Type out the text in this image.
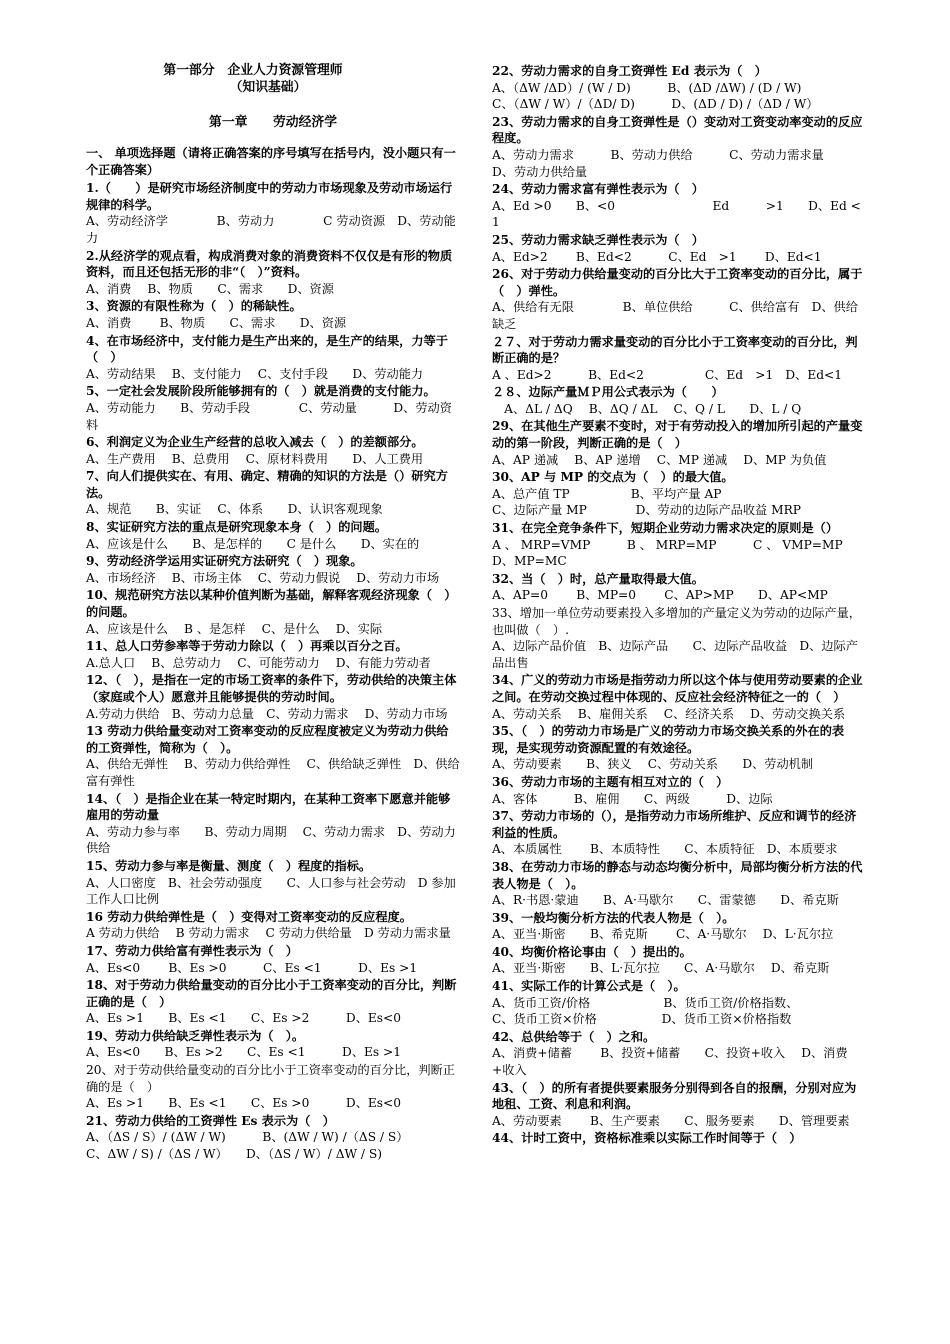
第一部分　企业人力资源管理师
（知识基础）
第一章　　劳动经济学
一、 单项选择题（请将正确答案的序号填写在括号内，没小题只有一个正确答案）
1.（　　）是研究市场经济制度中的劳动力市场现象及劳动市场运行规律的科学。
A、劳动经济学　　　　B、劳动力　　　　C 劳动资源　D、劳动能力
2.从经济学的观点看，构成消费对象的消费资料不仅仅是有形的物质资料，而且还包括无形的非“（　）”资料。
A、消费　 B、物质　　C、需求　　D、资源
3、资源的有限性称为（　）的稀缺性。
A、消费　　 B、物质　　C、需求　　D、资源
4、在市场经济中，支付能力是生产出来的，是生产的结果，力等于（　）
A、劳动结果　 B、支付能力　 C、支付手段　　D、劳动能力
5、一定社会发展阶段所能够拥有的（　）就是消费的支付能力。
A、劳动能力　　B、劳动手段　　　　C、劳动量　　　D、劳动资料
6、利润定义为企业生产经营的总收入减去（　）的差额部分。
A、生产费用　 B、总费用　 C、原材料费用　　D、人工费用
7、向人们提供实在、有用、确定、精确的知识的方法是（）研究方法。
A、规范　　B、实证　 C、体系　　D、认识客观现象
8、实证研究方法的重点是研究现象本身（　）的问题。
A、应该是什么　　B、是怎样的　　C 是什么　　D、实在的
9、劳动经济学运用实证研究方法研究（　）现象。
A、市场经济　 B、市场主体　 C、劳动力假说　 D、劳动力市场
10、规范研究方法以某种价值判断为基础，解释客观经济现象（　）的问题。
A、应该是什么　 B 、是怎样　 C、是什么　 D、实际
11、总人口劳参率等于劳动力除以（　）再乘以百分之百。
A.总人口　 B、总劳动力　 C、可能劳动力　 D、有能力劳动者
12、（　），是指在一定的市场工资率的条件下，劳动供给的决策主体（家庭或个人）愿意并且能够提供的劳动时间。
A.劳动力供给　B、劳动力总量　C、劳动力需求　 D、劳动力市场
13 劳动力供给量变动对工资率变动的反应程度被定义为劳动力供给的工资弹性，简称为（　）。
A、供给无弹性　 B、劳动力供给弹性　 C、供给缺乏弹性　D、供给富有弹性
14、（　）是指企业在某一特定时期内，在某种工资率下愿意并能够雇用的劳动量
A、劳动力参与率　　B、劳动力周期　 C、劳动力需求　D、劳动力供给
15、劳动力参与率是衡量、测度（　）程度的指标。
A、人口密度　B、社会劳动强度　　C、人口参与社会劳动　D 参加工作人口比例
16 劳动力供给弹性是（　）变得对工资率变动的反应程度。
A 劳动力供给　 B 劳动力需求　 C 劳动力供给量　D 劳动力需求量
17、劳动力供给富有弹性表示为（　）
A、Es<0　　 B、Es >0　　　C、Es <1　　　D、Es >1
18、对于劳动力供给量变动的百分比小于工资率变动的百分比，判断正确的是（　）
A、Es >1　　B、Es <1　　C、Es >2　　　D、Es<0
19、劳动力供给缺乏弹性表示为（　）。
A、Es<0　　B、Es >2　　C、Es <1　　　D、Es >1
20、对于劳动供给量变动的百分比小于工资率变动的百分比，判断正确的是（　）
A、Es >1　　B、Es <1　　C、Es >0　　　D、Es<0
21、劳动力供给的工资弹性 Es 表示为（　）
A、（ΔS / S）/ (ΔW / W)　　　B、(ΔW / W) /（ΔS / S）
C、ΔW / S) /（ΔS / W）　　D、（ΔS / W）/ ΔW / S)
22、劳动力需求的自身工资弹性 Ed 表示为（　）
A、（ΔW /ΔD）/ (W / D)　　　B、(ΔD /ΔW) / (D / W)
C、（ΔW / W）/（ΔD/ D)　　　D、(ΔD / D) /（ΔD / W）
23、劳动力需求的自身工资弹性是（）变动对工资变动率变动的反应程度。
A、劳动力需求　　　B、劳动力供给　　　C、劳动力需求量　　D、劳动力供给量
24、劳动力需求富有弹性表示为（　）
A、Ed >0　　B、<0　　　　　　　　Ed　　　>1　　D、Ed <1
25、劳动力需求缺乏弹性表示为（　）
A、Ed>2　　 B、Ed<2　　　C、Ed　>1　　 D、Ed<1
26、对于劳动力供给量变动的百分比大于工资率变动的百分比，属于（　）弹性。
A、供给有无限　　　　B、单位供给　　　C、供给富有　D、供给缺乏
２７、对于劳动力需求量变动的百分比小于工资率变动的百分比，判断正确的是？
A 、Ed>2　　　B、Ed<2　　　　　C、Ed　>1　D、Ed<1
２８、边际产量ＭＰ用公式表示为（　　）
　A、ΔL / ΔQ　 B、ΔQ / ΔL　 C、Q / L　　D、L / Q
29、在其他生产要素不变时，对于有劳动投入的增加所引起的产量变动的第一阶段，判断正确的是（　）
A、AP 递减　 B、AP 递增　 C、MP 递减　 D、MP 为负值
30、AP 与 MP 的交点为（　）的最大值。
A、总产值 TP　　　　　B、平均产量 AP
C、边际产量 MP　　　　D、劳动的边际产品收益 MRP
31、在完全竞争条件下，短期企业劳动力需求决定的原则是（）
A 、 MRP=VMP　　　B 、 MRP=MP　　　C 、 VMP=MP　D、MP=MC
32、当（　）时，总产量取得最大值。
A、AP=0　　 B、MP=0　　 C、AP>MP　　D、AP<MP
33、增加一单位劳动要素投入多增加的产量定义为劳动的边际产量，也叫做（　）.
A、边际产品价值　B、边际产品　　C、边际产品收益　D、边际产品出售
34、广义的劳动力市场是指劳动力所以这个体与使用劳动要素的企业之间。在劳动交换过程中体现的、反应社会经济特征之一的（　）
A、劳动关系　 B、雇佣关系　 C、经济关系　 D、劳动交换关系
35、（　）的劳动力市场是广义的劳动力市场交换关系的外在的表现，是实现劳动资源配置的有效途径。
A、劳动要素　　B、狭义　 C、劳动关系　　D、劳动机制
36、劳动力市场的主题有相互对立的（　）
A、客体　　　B、雇佣　　C、两级　　　D、边际
37、劳动力市场的（），是指劳动力市场所维护、反应和调节的经济利益的性质。
A、本质属性　　 B、本质特性　　C、本质特征　D、本质要求
38、在劳动力市场的静态与动态均衡分析中，局部均衡分析方法的代表人物是（　）。
A、R·书恩·蒙迪　　B、A·马歇尔　　C、雷蒙德　　D、希克斯
39、一般均衡分析方法的代表人物是（　）。
A、亚当·斯密　　B、希克斯　　 C、A·马歇尔　 D、L·瓦尔拉
40、均衡价格论事由（　）提出的。
A、亚当·斯密　　B、L·瓦尔拉　　C、A·马歇尔　 D、希克斯
41、实际工作的计算公式是（　）。
A、货币工资/价格　　　　　　B、货币工资/价格指数、
C、货币工资×价格　　　　　 D、货币工资×价格指数
42、总供给等于（　）之和。
A、消费+储蓄　　 B、投资+储蓄　　C、投资+收入　 D、消费+收入
43、（　）的所有者提供要素服务分别得到各自的报酬，分别对应为地租、工资、利息和利润。
A、劳动要素　　 B、生产要素　　C、服务要素　　D、管理要素
44、计时工资中，资格标准乘以实际工作时间等于（　）
